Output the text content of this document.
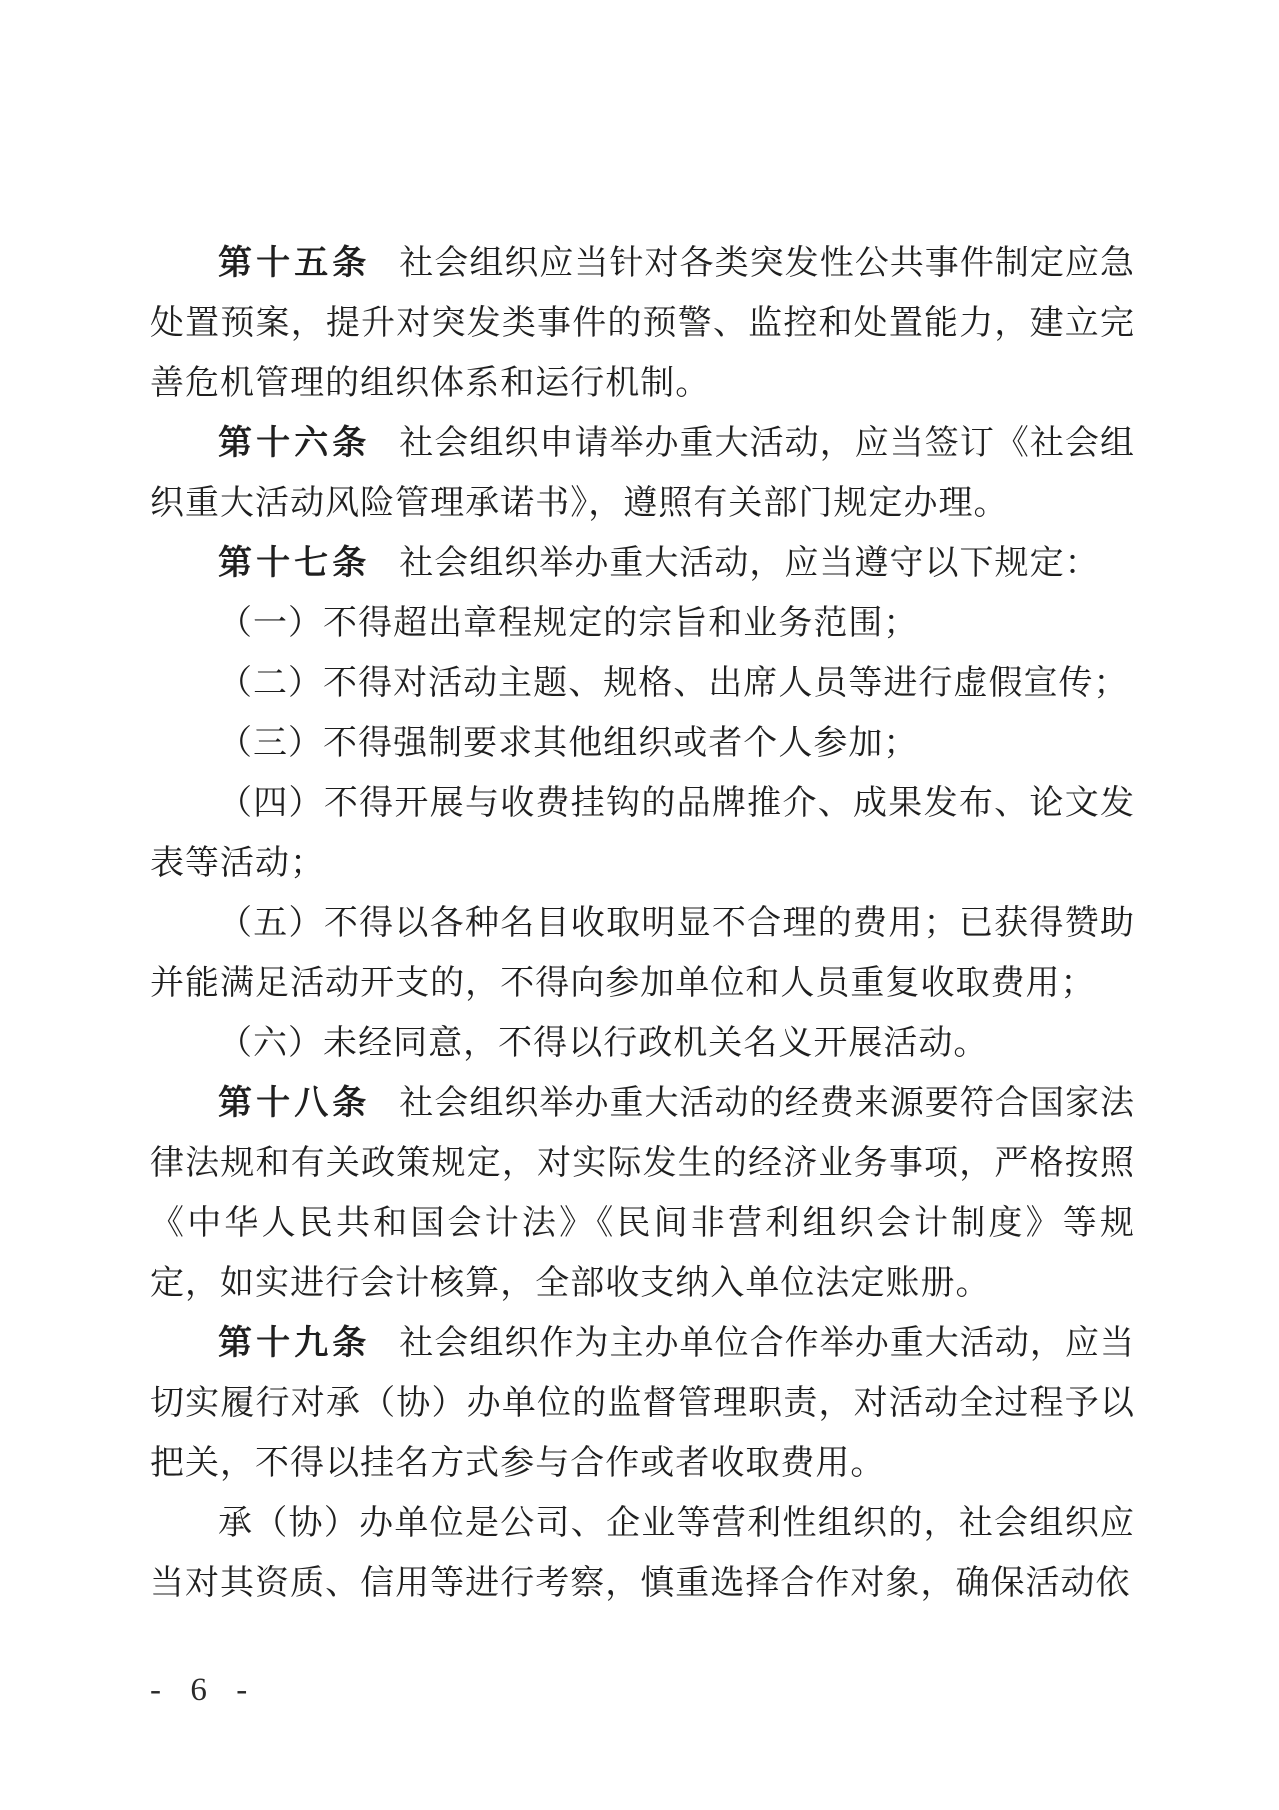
第十五条 社会组织应当针对各类突发性公共事件制定应急处置预案，提升对突发类事件的预警、监控和处置能力，建立完善危机管理的组织体系和运行机制。

第十六条 社会组织申请举办重大活动，应当签订《社会组织重大活动风险管理承诺书》，遵照有关部门规定办理。

第十七条 社会组织举办重大活动，应当遵守以下规定：

（一）不得超出章程规定的宗旨和业务范围；

（二）不得对活动主题、规格、出席人员等进行虚假宣传；

（三）不得强制要求其他组织或者个人参加；

（四）不得开展与收费挂钩的品牌推介、成果发布、论文发表等活动；

（五）不得以各种名目收取明显不合理的费用；已获得赞助并能满足活动开支的，不得向参加单位和人员重复收取费用；

（六）未经同意，不得以行政机关名义开展活动。

第十八条 社会组织举办重大活动的经费来源要符合国家法律法规和有关政策规定，对实际发生的经济业务事项，严格按照《中华人民共和国会计法》《民间非营利组织会计制度》等规定，如实进行会计核算，全部收支纳入单位法定账册。

第十九条 社会组织作为主办单位合作举办重大活动，应当切实履行对承（协）办单位的监督管理职责，对活动全过程予以把关，不得以挂名方式参与合作或者收取费用。

承（协）办单位是公司、企业等营利性组织的，社会组织应当对其资质、信用等进行考察，慎重选择合作对象，确保活动依

- 6 -
